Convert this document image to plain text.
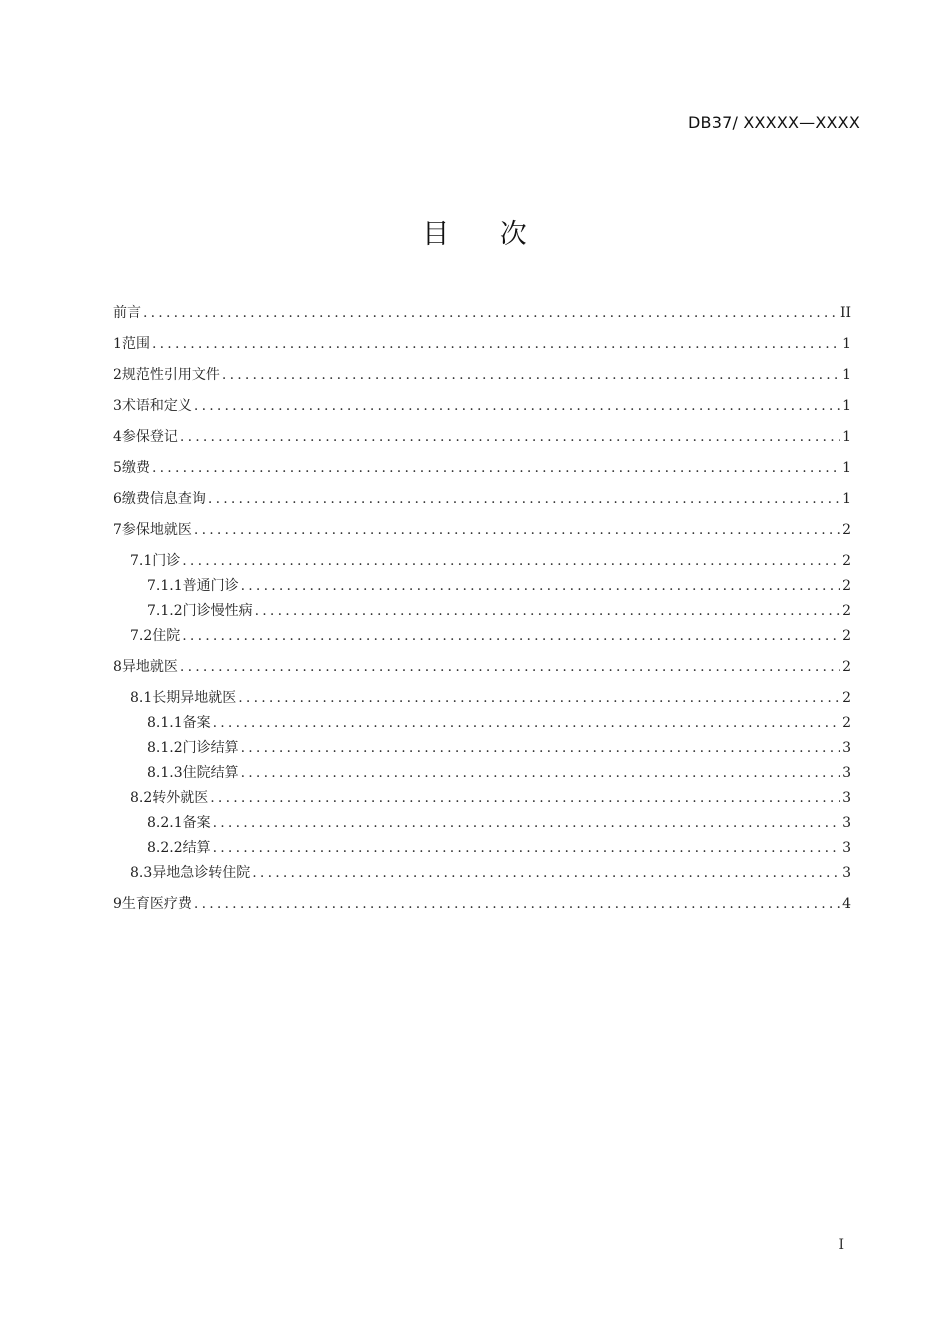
DB37/ XXXXX—XXXX
目 次
前言 .....	II
1 范围 .....	1
2 规范性引用文件 .....	1
3 术语和定义 .....	1
4 参保登记 .....	1
5 缴费 .....	1
6 缴费信息查询 .....	1
7 参保地就医 .....	2
7.1 门诊 .....	2
7.1.1 普通门诊 .....	2
7.1.2 门诊慢性病 .....	2
7.2 住院 .....	2
8 异地就医 .....	2
8.1 长期异地就医 .....	2
8.1.1 备案 .....	2
8.1.2 门诊结算 .....	3
8.1.3 住院结算 .....	3
8.2 转外就医 .....	3
8.2.1 备案 .....	3
8.2.2 结算 .....	3
8.3 异地急诊转住院 .....	3
9 生育医疗费 .....	4
I
